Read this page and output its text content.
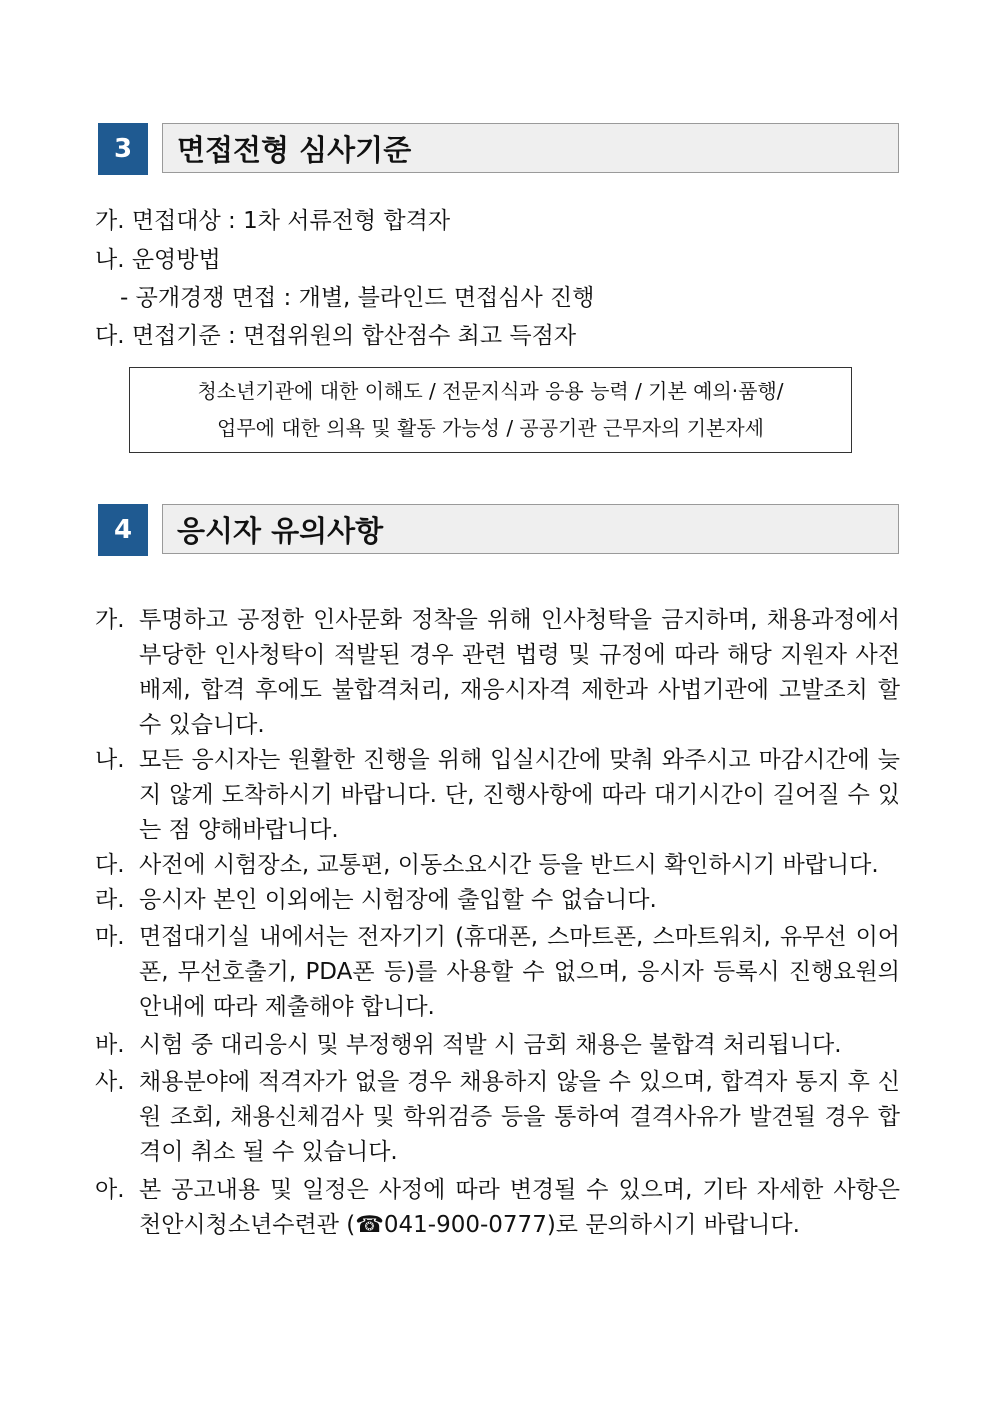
3	면접전형 심사기준
가. 면접대상 : 1차 서류전형 합격자
나. 운영방법
- 공개경쟁 면접 : 개별, 블라인드 면접심사 진행
다. 면접기준 : 면접위원의 합산점수 최고 득점자
청소년기관에 대한 이해도 / 전문지식과 응용 능력 / 기본 예의·품행/
업무에 대한 의욕 및 활동 가능성 / 공공기관 근무자의 기본자세
4	응시자 유의사항
가. 투명하고 공정한 인사문화 정착을 위해 인사청탁을 금지하며, 채용과정에서 부당한 인사청탁이 적발된 경우 관련 법령 및 규정에 따라 해당 지원자 사전배제, 합격 후에도 불합격처리, 재응시자격 제한과 사법기관에 고발조치 할 수 있습니다.
나. 모든 응시자는 원활한 진행을 위해 입실시간에 맞춰 와주시고 마감시간에 늦지 않게 도착하시기 바랍니다. 단, 진행사항에 따라 대기시간이 길어질 수 있는 점 양해바랍니다.
다. 사전에 시험장소, 교통편, 이동소요시간 등을 반드시 확인하시기 바랍니다.
라. 응시자 본인 이외에는 시험장에 출입할 수 없습니다.
마. 면접대기실 내에서는 전자기기 (휴대폰, 스마트폰, 스마트워치, 유무선 이어폰, 무선호출기, PDA폰 등)를 사용할 수 없으며, 응시자 등록시 진행요원의 안내에 따라 제출해야 합니다.
바. 시험 중 대리응시 및 부정행위 적발 시 금회 채용은 불합격 처리됩니다.
사. 채용분야에 적격자가 없을 경우 채용하지 않을 수 있으며, 합격자 통지 후 신원 조회, 채용신체검사 및 학위검증 등을 통하여 결격사유가 발견될 경우 합격이 취소 될 수 있습니다.
아. 본 공고내용 및 일정은 사정에 따라 변경될 수 있으며, 기타 자세한 사항은 천안시청소년수련관 (☎041-900-0777)로 문의하시기 바랍니다.
